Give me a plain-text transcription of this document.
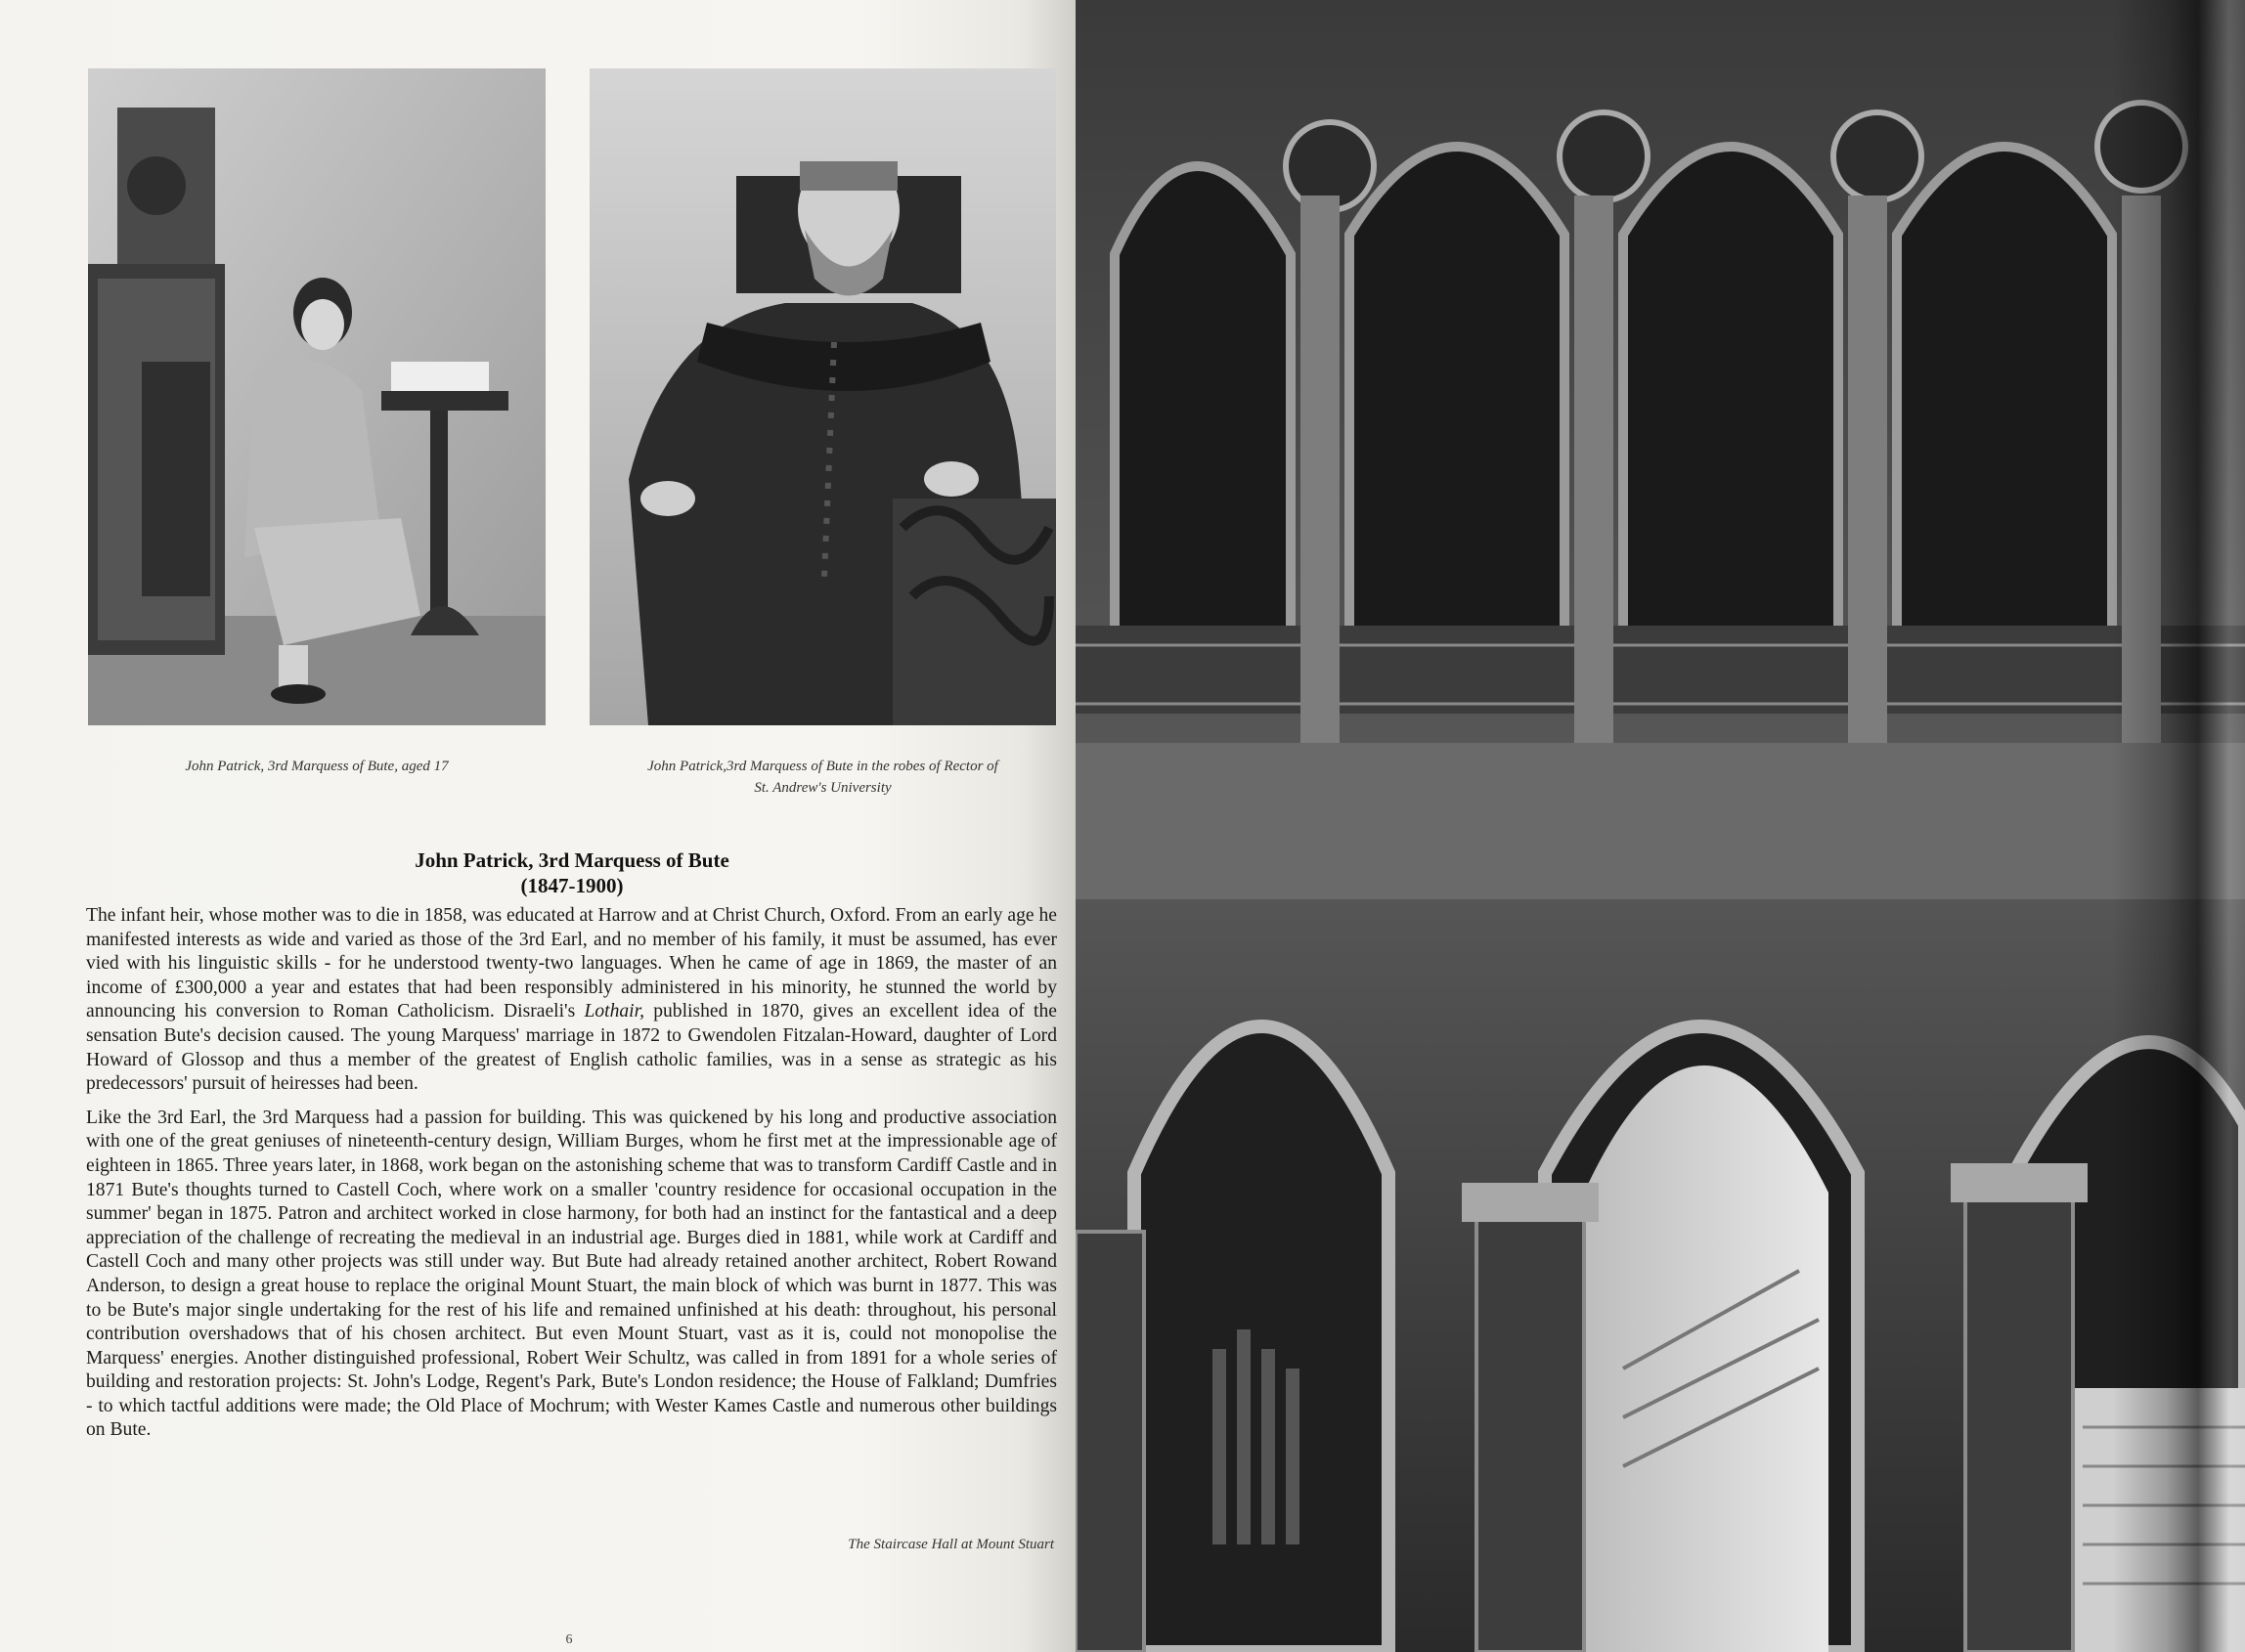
John Patrick, 3rd Marquess of Bute, aged 17	John Patrick,3rd Marquess of Bute in the robes of Rector of
St. Andrew's University
John Patrick, 3rd Marquess of Bute
(1847-1900)

The infant heir, whose mother was to die in 1858, was educated at Harrow and at Christ Church, Oxford. From an early age he manifested interests as wide and varied as those of the 3rd Earl, and no member of his family, it must be assumed, has ever vied with his linguistic skills - for he understood twenty-two languages. When he came of age in 1869, the master of an income of £300,000 a year and estates that had been responsibly administered in his minority, he stunned the world by announcing his conversion to Roman Catholicism. Disraeli's Lothair, published in 1870, gives an excellent idea of the sensation Bute's decision caused. The young Marquess' marriage in 1872 to Gwendolen Fitzalan-Howard, daughter of Lord Howard of Glossop and thus a member of the greatest of English catholic families, was in a sense as strategic as his predecessors' pursuit of heiresses had been.

Like the 3rd Earl, the 3rd Marquess had a passion for building. This was quickened by his long and productive association with one of the great geniuses of nineteenth-century design, William Burges, whom he first met at the impressionable age of eighteen in 1865. Three years later, in 1868, work began on the astonishing scheme that was to transform Cardiff Castle and in 1871 Bute's thoughts turned to Castell Coch, where work on a smaller 'country residence for occasional occupation in the summer' began in 1875. Patron and architect worked in close harmony, for both had an instinct for the fantastical and a deep appreciation of the challenge of recreating the medieval in an industrial age. Burges died in 1881, while work at Cardiff and Castell Coch and many other projects was still under way. But Bute had already retained another architect, Robert Rowand Anderson, to design a great house to replace the original Mount Stuart, the main block of which was burnt in 1877. This was to be Bute's major single undertaking for the rest of his life and remained unfinished at his death: throughout, his personal contribution overshadows that of his chosen architect. But even Mount Stuart, vast as it is, could not monopolise the Marquess' energies. Another distinguished professional, Robert Weir Schultz, was called in from 1891 for a whole series of building and restoration projects: St. John's Lodge, Regent's Park, Bute's London residence; the House of Falkland; Dumfries - to which tactful additions were made; the Old Place of Mochrum; with Wester Kames Castle and numerous other buildings on Bute.

The Staircase Hall at Mount Stuart
6
